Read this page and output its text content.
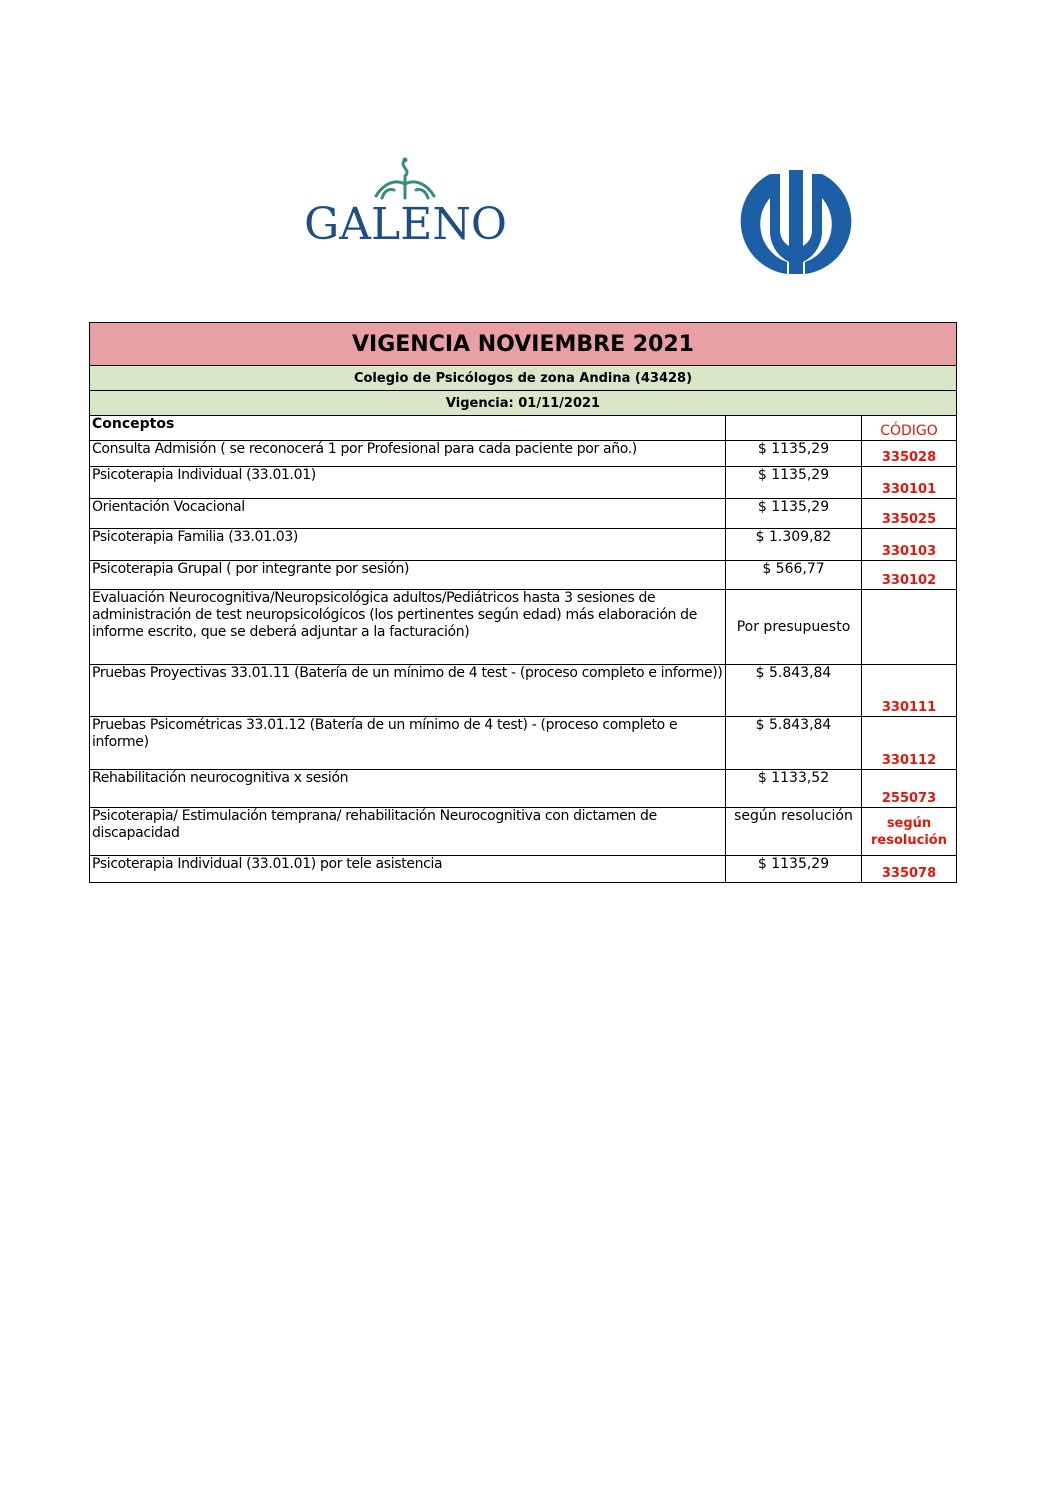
GALENO
VIGENCIA NOVIEMBRE 2021		
Colegio de Psicólogos de zona Andina (43428)		
Vigencia: 01/11/2021		
Conceptos		CÓDIGO
Consulta Admisión ( se reconocerá 1 por Profesional para cada paciente por año.)	$ 1135,29	335028
Psicoterapia Individual (33.01.01)	$ 1135,29	330101
Orientación Vocacional	$ 1135,29	335025
Psicoterapia Familia (33.01.03)	$ 1.309,82	330103
Psicoterapia Grupal ( por integrante por sesión)	$ 566,77	330102
Evaluación Neurocognitiva/Neuropsicológica adultos/Pediátricos hasta 3 sesiones de administración de test neuropsicológicos (los pertinentes según edad) más elaboración de informe escrito, que se deberá adjuntar a la facturación)	Por presupuesto	
Pruebas Proyectivas 33.01.11 (Batería de un mínimo de 4 test - (proceso completo e informe))	$ 5.843,84	330111
Pruebas Psicométricas 33.01.12 (Batería de un mínimo de 4 test) - (proceso completo e informe)	$ 5.843,84	330112
Rehabilitación neurocognitiva x sesión	$ 1133,52	255073
Psicoterapia/ Estimulación temprana/ rehabilitación Neurocognitiva con dictamen de discapacidad	según resolución	según resolución
Psicoterapia Individual (33.01.01) por tele asistencia	$ 1135,29	335078
